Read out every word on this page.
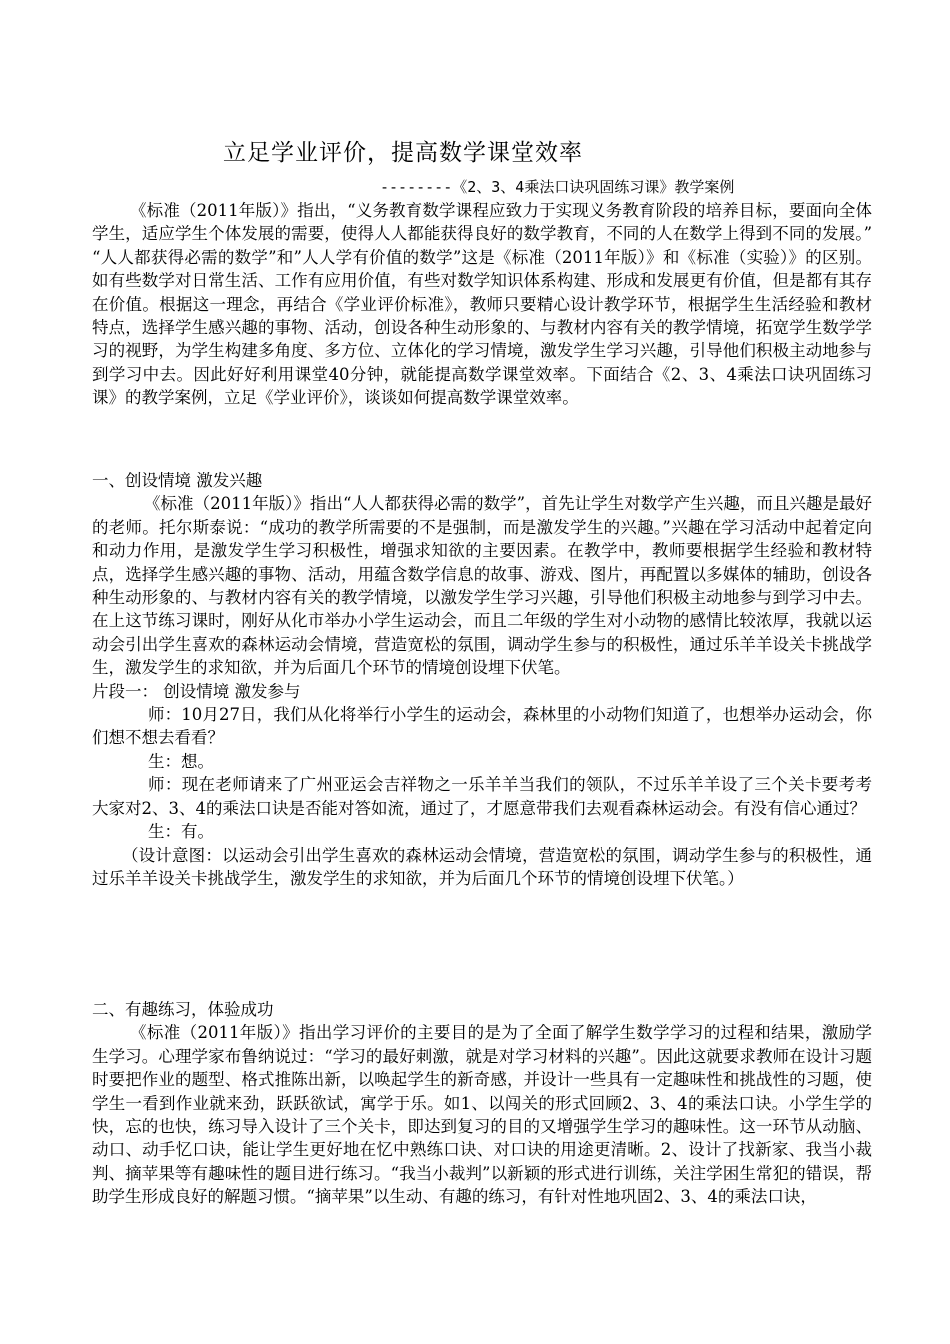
立足学业评价，提高数学课堂效率
--------《2、3、4乘法口诀巩固练习课》教学案例

《标准（2011年版）》指出，“义务教育数学课程应致力于实现义务教育阶段的培养目标，要面向全体学生，适应学生个体发展的需要，使得人人都能获得良好的数学教育，不同的人在数学上得到不同的发展。” “人人都获得必需的数学”和”人人学有价值的数学”这是《标准（2011年版）》和《标准（实验）》的区别。如有些数学对日常生活、工作有应用价值，有些对数学知识体系构建、形成和发展更有价值，但是都有其存在价值。根据这一理念，再结合《学业评价标准》，教师只要精心设计教学环节，根据学生生活经验和教材特点，选择学生感兴趣的事物、活动，创设各种生动形象的、与教材内容有关的教学情境，拓宽学生数学学习的视野，为学生构建多角度、多方位、立体化的学习情境，激发学生学习兴趣，引导他们积极主动地参与到学习中去。因此好好利用课堂40分钟，就能提高数学课堂效率。下面结合《2、3、4乘法口诀巩固练习课》的教学案例，立足《学业评价》，谈谈如何提高数学课堂效率。

一、创设情境 激发兴趣

《标准（2011年版）》指出“人人都获得必需的数学”，首先让学生对数学产生兴趣，而且兴趣是最好的老师。托尔斯泰说：“成功的教学所需要的不是强制，而是激发学生的兴趣。”兴趣在学习活动中起着定向和动力作用，是激发学生学习积极性，增强求知欲的主要因素。在教学中，教师要根据学生经验和教材特点，选择学生感兴趣的事物、活动，用蕴含数学信息的故事、游戏、图片，再配置以多媒体的辅助，创设各种生动形象的、与教材内容有关的教学情境，以激发学生学习兴趣，引导他们积极主动地参与到学习中去。在上这节练习课时，刚好从化市举办小学生运动会，而且二年级的学生对小动物的感情比较浓厚，我就以运动会引出学生喜欢的森林运动会情境，营造宽松的氛围，调动学生参与的积极性，通过乐羊羊设关卡挑战学生，激发学生的求知欲，并为后面几个环节的情境创设埋下伏笔。

片段一： 创设情境 激发参与

师：10月27日，我们从化将举行小学生的运动会，森林里的小动物们知道了，也想举办运动会，你们想不想去看看？

生：想。

师：现在老师请来了广州亚运会吉祥物之一乐羊羊当我们的领队，不过乐羊羊设了三个关卡要考考大家对2、3、4的乘法口诀是否能对答如流，通过了，才愿意带我们去观看森林运动会。有没有信心通过？

生：有。

（设计意图：以运动会引出学生喜欢的森林运动会情境，营造宽松的氛围，调动学生参与的积极性，通过乐羊羊设关卡挑战学生，激发学生的求知欲，并为后面几个环节的情境创设埋下伏笔。）

二、有趣练习，体验成功

《标准（2011年版）》指出学习评价的主要目的是为了全面了解学生数学学习的过程和结果，激励学生学习。心理学家布鲁纳说过：“学习的最好刺激，就是对学习材料的兴趣”。因此这就要求教师在设计习题时要把作业的题型、格式推陈出新，以唤起学生的新奇感，并设计一些具有一定趣味性和挑战性的习题，使学生一看到作业就来劲，跃跃欲试，寓学于乐。如1、以闯关的形式回顾2、3、4的乘法口诀。小学生学的快，忘的也快，练习导入设计了三个关卡，即达到复习的目的又增强学生学习的趣味性。这一环节从动脑、动口、动手忆口诀，能让学生更好地在忆中熟练口诀、对口诀的用途更清晰。2、设计了找新家、我当小裁判、摘苹果等有趣味性的题目进行练习。“我当小裁判”以新颖的形式进行训练，关注学困生常犯的错误，帮助学生形成良好的解题习惯。“摘苹果”以生动、有趣的练习，有针对性地巩固2、3、4的乘法口诀，
